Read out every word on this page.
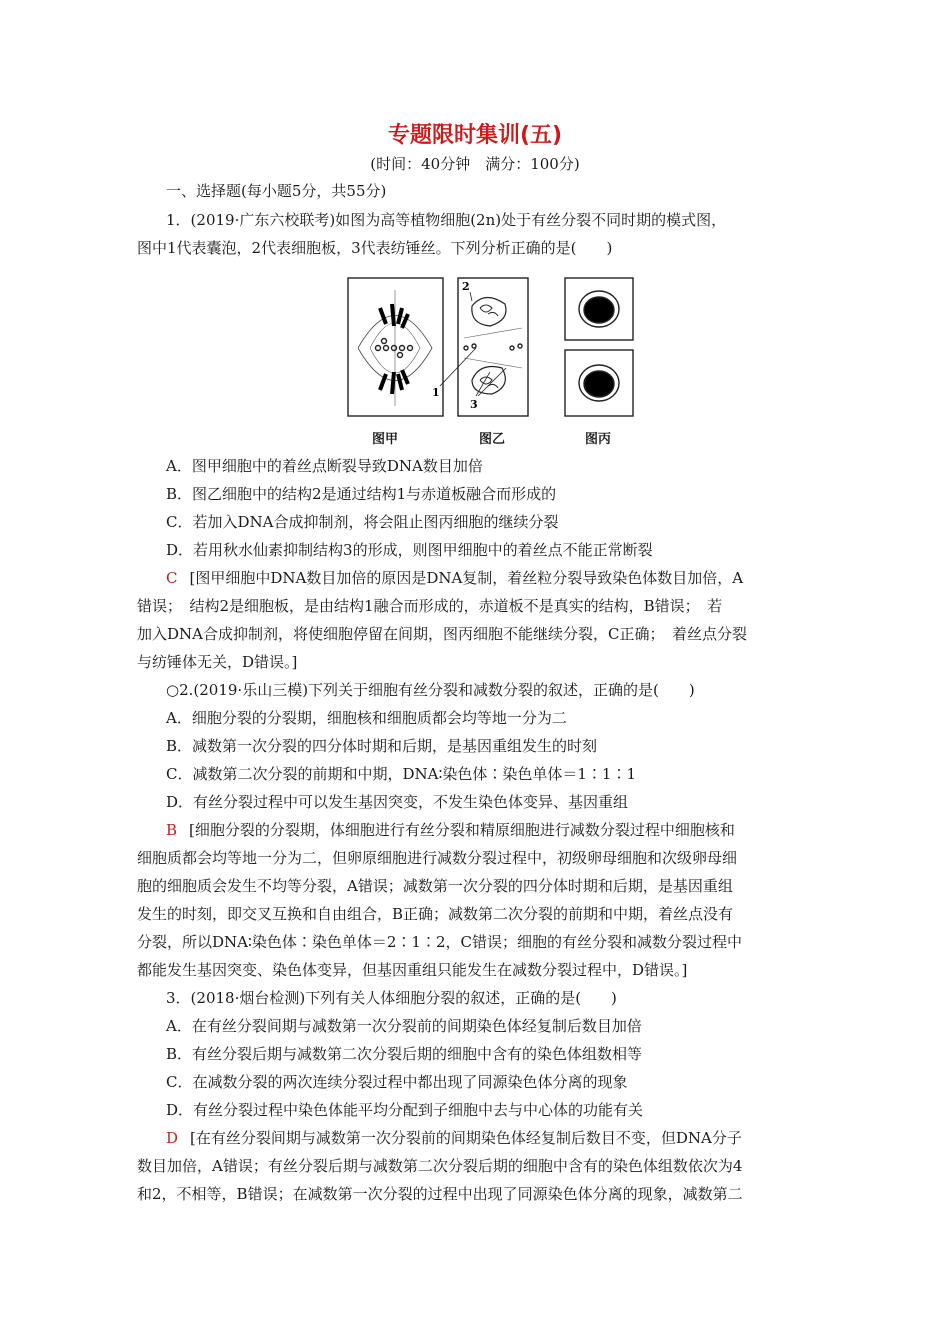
专题限时集训(五)
(时间：40分钟　满分：100分)
一、选择题(每小题5分，共55分)
1．(2019·广东六校联考)如图为高等植物细胞(2n)处于有丝分裂不同时期的模式图，
图中1代表囊泡，2代表细胞板，3代表纺锤丝。下列分析正确的是(　　)
2
1
3
图甲	图乙	图丙
A．图甲细胞中的着丝点断裂导致DNA数目加倍
B．图乙细胞中的结构2是通过结构1与赤道板融合而形成的
C．若加入DNA合成抑制剂，将会阻止图丙细胞的继续分裂
D．若用秋水仙素抑制结构3的形成，则图甲细胞中的着丝点不能正常断裂
C [图甲细胞中DNA数目加倍的原因是DNA复制，着丝粒分裂导致染色体数目加倍，A
错误；　结构2是细胞板，是由结构1融合而形成的，赤道板不是真实的结构，B错误；　若
加入DNA合成抑制剂，将使细胞停留在间期，图丙细胞不能继续分裂，C正确；　着丝点分裂
与纺锤体无关，D错误。]
○2.(2019·乐山三模)下列关于细胞有丝分裂和减数分裂的叙述，正确的是(　　)
A．细胞分裂的分裂期，细胞核和细胞质都会均等地一分为二
B．减数第一次分裂的四分体时期和后期，是基因重组发生的时刻
C．减数第二次分裂的前期和中期，DNA∶染色体∶染色单体＝1∶1∶1
D．有丝分裂过程中可以发生基因突变，不发生染色体变异、基因重组
B [细胞分裂的分裂期，体细胞进行有丝分裂和精原细胞进行减数分裂过程中细胞核和
细胞质都会均等地一分为二，但卵原细胞进行减数分裂过程中，初级卵母细胞和次级卵母细
胞的细胞质会发生不均等分裂，A错误；减数第一次分裂的四分体时期和后期，是基因重组
发生的时刻，即交叉互换和自由组合，B正确；减数第二次分裂的前期和中期，着丝点没有
分裂，所以DNA∶染色体∶染色单体＝2∶1∶2，C错误；细胞的有丝分裂和减数分裂过程中
都能发生基因突变、染色体变异，但基因重组只能发生在减数分裂过程中，D错误。]
3．(2018·烟台检测)下列有关人体细胞分裂的叙述，正确的是(　　)
A．在有丝分裂间期与减数第一次分裂前的间期染色体经复制后数目加倍
B．有丝分裂后期与减数第二次分裂后期的细胞中含有的染色体组数相等
C．在减数分裂的两次连续分裂过程中都出现了同源染色体分离的现象
D．有丝分裂过程中染色体能平均分配到子细胞中去与中心体的功能有关
D [在有丝分裂间期与减数第一次分裂前的间期染色体经复制后数目不变，但DNA分子
数目加倍，A错误；有丝分裂后期与减数第二次分裂后期的细胞中含有的染色体组数依次为4
和2，不相等，B错误；在减数第一次分裂的过程中出现了同源染色体分离的现象，减数第二
